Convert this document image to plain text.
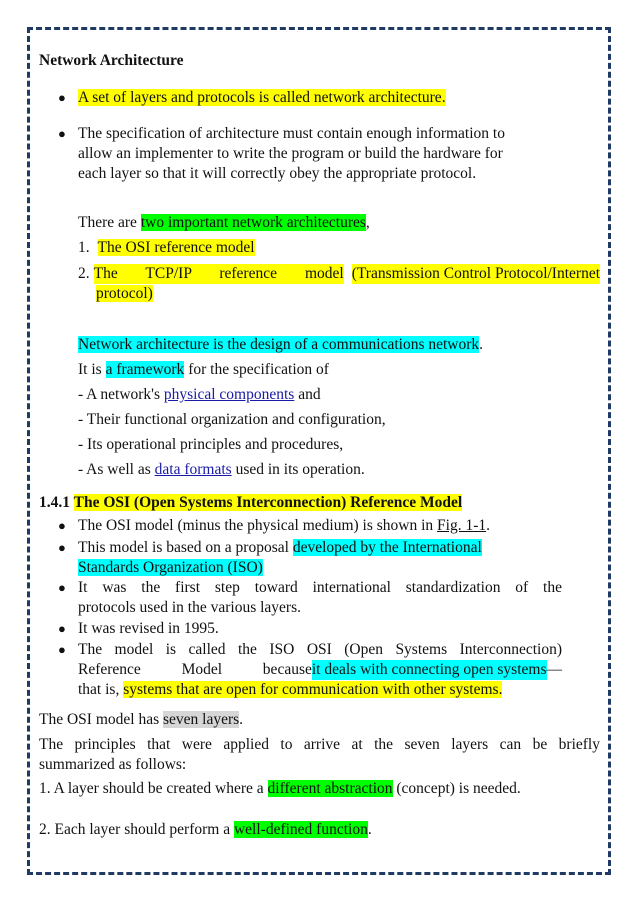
Network Architecture
● A set of layers and protocols is called network architecture.
● The specification of architecture must contain enough information to
allow an implementer to write the program or build the hardware for
each layer so that it will correctly obey the appropriate protocol.
There are two important network architectures,
1. The OSI reference model
2. The TCP/IP reference model (Transmission Control Protocol/Internet
protocol)
Network architecture is the design of a communications network.
It is a framework for the specification of
- A network's physical components and
- Their functional organization and configuration,
- Its operational principles and procedures,
- As well as data formats used in its operation.
1.4.1 The OSI (Open Systems Interconnection) Reference Model
● The OSI model (minus the physical medium) is shown in Fig. 1-1.
● This model is based on a proposal developed by the International
Standards Organization (ISO)
● It was the first step toward international standardization of the
protocols used in the various layers.
● It was revised in 1995.
● The model is called the ISO OSI (Open Systems Interconnection)
Reference Model because it deals with connecting open systems —
that is, systems that are open for communication with other systems.
The OSI model has seven layers.
The principles that were applied to arrive at the seven layers can be briefly
summarized as follows:
1. A layer should be created where a different abstraction (concept) is needed.
2. Each layer should perform a well-defined function.
